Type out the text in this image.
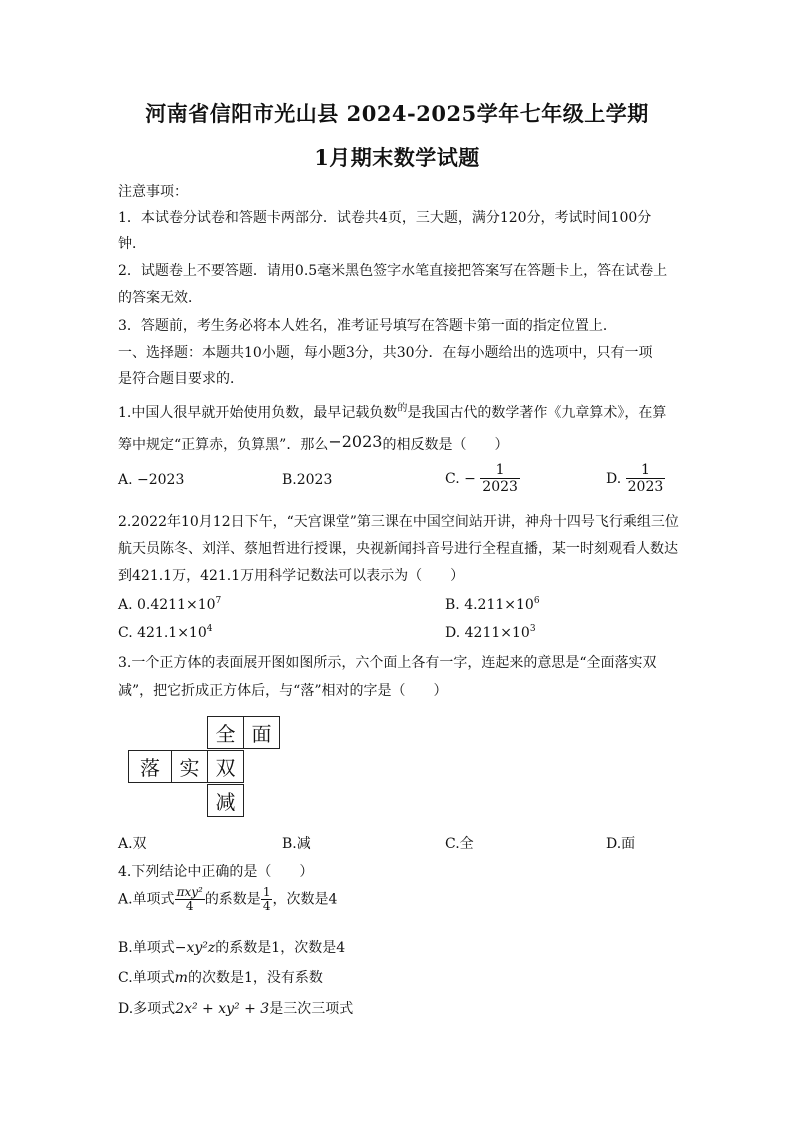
河南省信阳市光山县 2024-2025学年七年级上学期
1月期末数学试题
注意事项：
1．本试卷分试卷和答题卡两部分．试卷共4页，三大题，满分120分，考试时间100分
钟．
2．试题卷上不要答题．请用0.5毫米黑色签字水笔直接把答案写在答题卡上，答在试卷上
的答案无效．
3．答题前，考生务必将本人姓名，准考证号填写在答题卡第一面的指定位置上．
一、选择题：本题共10小题，每小题3分，共30分．在每小题给出的选项中，只有一项
是符合题目要求的．
1.中国人很早就开始使用负数，最早记载负数$^的$是我国古代的数学著作《九章算术》，在算
筹中规定“正算赤，负算黑”．那么−2023的相反数是（　　）
A. −2023	B.2023	C. − $\frac{1}{2023}$	D. $\frac{1}{2023}$
2.2022年10月12日下午，“天宫课堂”第三课在中国空间站开讲，神舟十四号飞行乘组三位
航天员陈冬、刘洋、蔡旭哲进行授课，央视新闻抖音号进行全程直播，某一时刻观看人数达
到421.1万，421.1万用科学记数法可以表示为（　　）
A. $0.4211\times 10^7$	B. $4.211\times 10^6$
C. $421.1\times 10^4$	D. $4211\times 10^3$
3.一个正方体的表面展开图如图所示，六个面上各有一字，连起来的意思是“全面落实双
减”，把它折成正方体后，与“落”相对的字是（　　）
全 面
落 实 双
减
A.双	B.减	C.全	D.面
4.下列结论中正确的是（　　）
A.单项式 $\frac{\text{πxy²}}{4}$ 的系数是 $\frac{1}{4}$ ，次数是4
B.单项式−xy²z的系数是1，次数是4
C.单项式m的次数是1，没有系数
D.多项式2x² + xy² + 3是三次三项式
